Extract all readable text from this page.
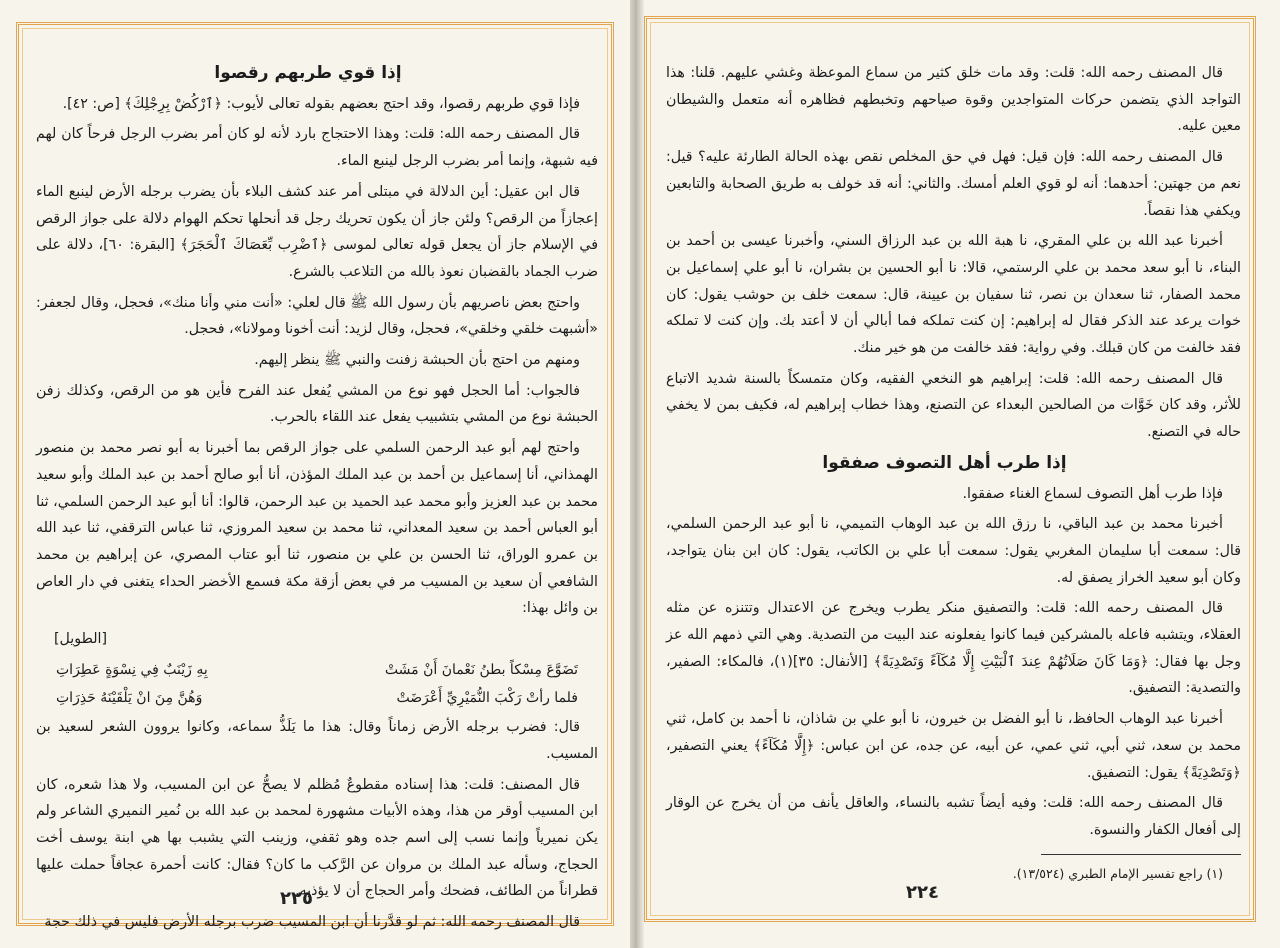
إذا قوي طربهم رقصوا

فإذا قوي طربهم رقصوا، وقد احتج بعضهم بقوله تعالى لأيوب: ﴿ٱرْكُضْ بِرِجْلِكَ﴾ [ص: ٤٢].

قال المصنف رحمه الله: قلت: وهذا الاحتجاج بارد لأنه لو كان أمر بضرب الرجل فرحاً كان لهم فيه شبهة، وإنما أمر بضرب الرجل لينبع الماء.

قال ابن عقيل: أين الدلالة في مبتلى أمر عند كشف البلاء بأن يضرب برجله الأرض لينبع الماء إعجازاً من الرقص؟ ولئن جاز أن يكون تحريك رجل قد أنحلها تحكم الهوام دلالة على جواز الرقص في الإسلام جاز أن يجعل قوله تعالى لموسى ﴿ٱضْرِب بِّعَصَاكَ ٱلْحَجَرَ﴾ [البقرة: ٦٠]، دلالة على ضرب الجماد بالقضبان نعوذ بالله من التلاعب بالشرع.

واحتج بعض ناصريهم بأن رسول الله ﷺ قال لعلي: «أنت مني وأنا منك»، فحجل، وقال لجعفر: «أشبهت خلقي وخلقي»، فحجل، وقال لزيد: أنت أخونا ومولانا»، فحجل.

ومنهم من احتج بأن الحبشة زفنت والنبي ﷺ ينظر إليهم.

فالجواب: أما الحجل فهو نوع من المشي يُفعل عند الفرح فأين هو من الرقص، وكذلك زفن الحبشة نوع من المشي بتشبيب يفعل عند اللقاء بالحرب.

واحتج لهم أبو عبد الرحمن السلمي على جواز الرقص بما أخبرنا به أبو نصر محمد بن منصور الهمذاني، أنا إسماعيل بن أحمد بن عبد الملك المؤذن، أنا أبو صالح أحمد بن عبد الملك وأبو سعيد محمد بن عبد العزيز وأبو محمد عبد الحميد بن عبد الرحمن، قالوا: أنا أبو عبد الرحمن السلمي، ثنا أبو العباس أحمد بن سعيد المعداني، ثنا محمد بن سعيد المروزي، ثنا عباس الترقفي، ثنا عبد الله بن عمرو الوراق، ثنا الحسن بن علي بن منصور، ثنا أبو عتاب المصري، عن إبراهيم بن محمد الشافعي أن سعيد بن المسيب مر في بعض أزقة مكة فسمع الأخضر الحداء يتغنى في دار العاص بن وائل بهذا:

[الطويل]

تَضَوَّعَ مِسْكاً بطنُ نَعْمانَ أَنْ مَشَتْ
بِهِ زَيْنَبٌ فِي نِسْوَةٍ عَطِرَاتِ
فلما رأتْ رَكْبَ النُّمَيْرِيِّ أَعْرَضَتْ
وَهُنَّ مِنَ انْ يَلْقَيْنَهُ حَذِرَاتِ

قال: فضرب برجله الأرض زماناً وقال: هذا ما يَلَذُّ سماعه، وكانوا يروون الشعر لسعيد بن المسيب.

قال المصنف: قلت: هذا إسناده مقطوعٌ مُظلم لا يصحُّ عن ابن المسيب، ولا هذا شعره، كان ابن المسيب أوقر من هذا، وهذه الأبيات مشهورة لمحمد بن عبد الله بن نُمير النميري الشاعر ولم يكن نميرياً وإنما نسب إلى اسم جده وهو ثقفي، وزينب التي يشبب بها هي ابنة يوسف أخت الحجاج، وسأله عبد الملك بن مروان عن الرَّكب ما كان؟ فقال: كانت أحمرة عجافاً حملت عليها قطراناً من الطائف، فضحك وأمر الحجاج أن لا يؤذيه.

قال المصنف رحمه الله: ثم لو قدَّرنا أن ابن المسيب ضرب برجله الأرض فليس في ذلك حجة

٢٢٥

قال المصنف رحمه الله: قلت: وقد مات خلق كثير من سماع الموعظة وغشي عليهم. قلنا: هذا التواجد الذي يتضمن حركات المتواجدين وقوة صياحهم وتخبطهم فظاهره أنه متعمل والشيطان معين عليه.

قال المصنف رحمه الله: فإن قيل: فهل في حق المخلص نقص بهذه الحالة الطارئة عليه؟ قيل: نعم من جهتين: أحدهما: أنه لو قوي العلم أمسك. والثاني: أنه قد خولف به طريق الصحابة والتابعين ويكفي هذا نقصاً.

أخبرنا عبد الله بن علي المقري، نا هبة الله بن عبد الرزاق السني، وأخبرنا عيسى بن أحمد بن البناء، نا أبو سعد محمد بن علي الرستمي، قالا: نا أبو الحسين بن بشران، نا أبو علي إسماعيل بن محمد الصفار، ثنا سعدان بن نصر، ثنا سفيان بن عيينة، قال: سمعت خلف بن حوشب يقول: كان خوات يرعد عند الذكر فقال له إبراهيم: إن كنت تملكه فما أبالي أن لا أعتد بك. وإن كنت لا تملكه فقد خالفت من كان قبلك. وفي رواية: فقد خالفت من هو خير منك.

قال المصنف رحمه الله: قلت: إبراهيم هو النخعي الفقيه، وكان متمسكاً بالسنة شديد الاتباع للأثر، وقد كان خَوَّات من الصالحين البعداء عن التصنع، وهذا خطاب إبراهيم له، فكيف بمن لا يخفي حاله في التصنع.

إذا طرب أهل التصوف صفقوا

فإذا طرب أهل التصوف لسماع الغناء صفقوا.

أخبرنا محمد بن عبد الباقي، نا رزق الله بن عبد الوهاب التميمي، نا أبو عبد الرحمن السلمي، قال: سمعت أبا سليمان المغربي يقول: سمعت أبا علي بن الكاتب، يقول: كان ابن بنان يتواجد، وكان أبو سعيد الخراز يصفق له.

قال المصنف رحمه الله: قلت: والتصفيق منكر يطرب ويخرج عن الاعتدال وتتنزه عن مثله العقلاء، ويتشبه فاعله بالمشركين فيما كانوا يفعلونه عند البيت من التصدية. وهي التي ذمهم الله عز وجل بها فقال: ﴿وَمَا كَانَ صَلَاتُهُمْ عِندَ ٱلْبَيْتِ إِلَّا مُكَآءً وَتَصْدِيَةً﴾ [الأنفال: ٣٥](١)، فالمكاء: الصفير، والتصدية: التصفيق.

أخبرنا عبد الوهاب الحافظ، نا أبو الفضل بن خيرون، نا أبو علي بن شاذان، نا أحمد بن كامل، ثني محمد بن سعد، ثني أبي، ثني عمي، عن أبيه، عن جده، عن ابن عباس: ﴿إِلَّا مُكَآءً﴾ يعني التصفير، ﴿وَتَصْدِيَةً﴾ يقول: التصفيق.

قال المصنف رحمه الله: قلت: وفيه أيضاً تشبه بالنساء، والعاقل يأنف من أن يخرج عن الوقار إلى أفعال الكفار والنسوة.

(١) راجع تفسير الإمام الطبري (١٣/٥٢٤).

٢٢٤
